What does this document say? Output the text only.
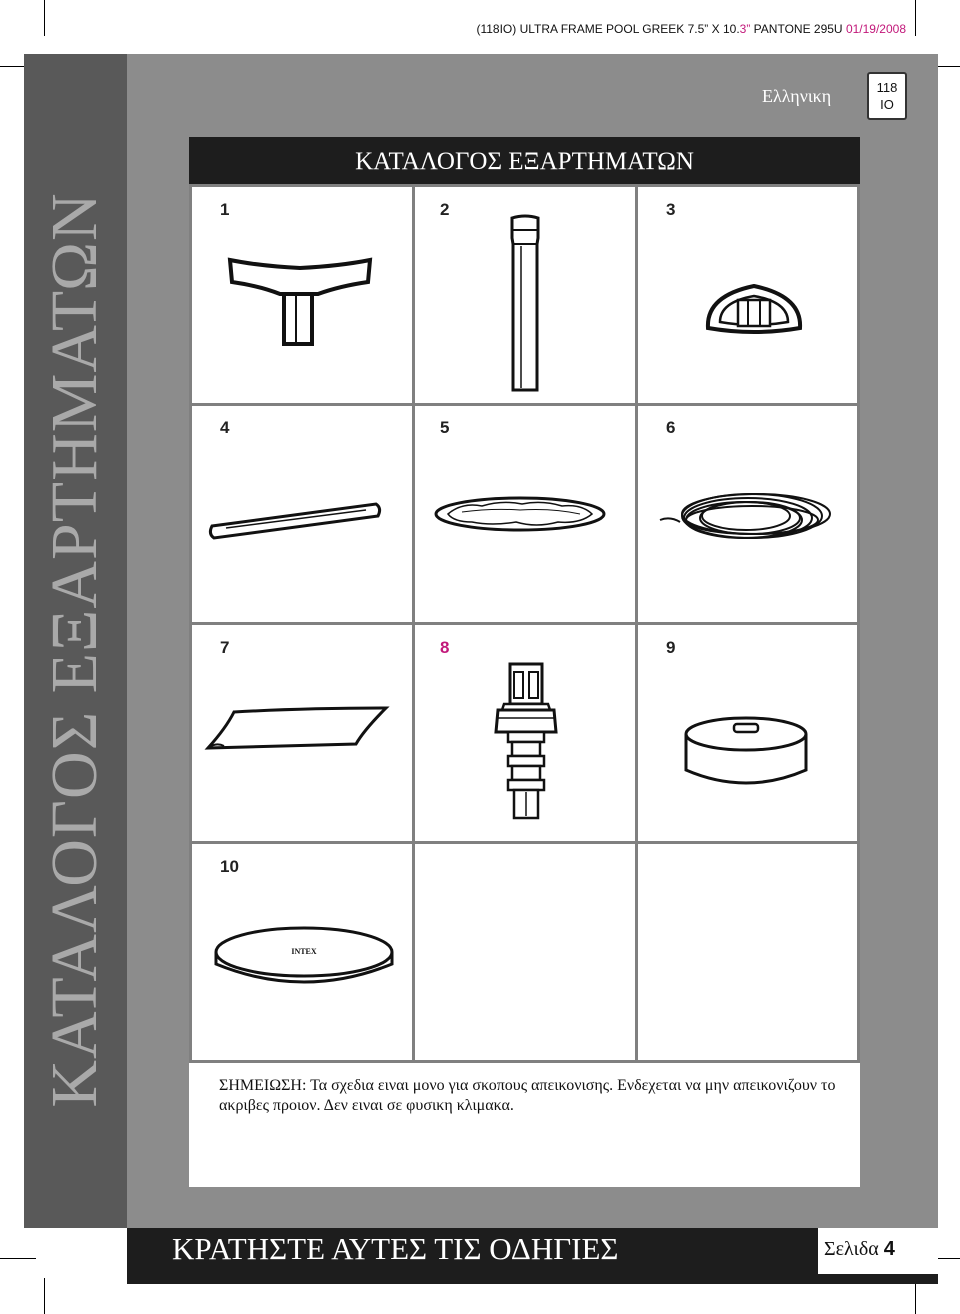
(118IO) ULTRA FRAME POOL GREEK 7.5” X 10.3” PANTONE 295U 01/19/2008
ΚΑΤΑΛΟΓΟΣ ΕΞΑΡΤΗΜΑΤΩΝ
Ελληνικη	118
IO
ΚΑΤΑΛΟΓΟΣ ΕΞΑΡΤΗΜΑΤΩΝ
1	2	3
4	5	6
7	8	9
10
INTEX
ΣΗΜΕΙΩΣΗ: Τα σχεδια ειναι μονο για σκοπους απεικονισης. Ενδεχεται να μην απεικονιζουν το ακριβες προιον. Δεν ειναι σε φυσικη κλιμακα.
ΚΡΑΤΗΣΤΕ ΑΥΤΕΣ ΤΙΣ ΟΔΗΓΙΕΣ	Σελιδα 4
